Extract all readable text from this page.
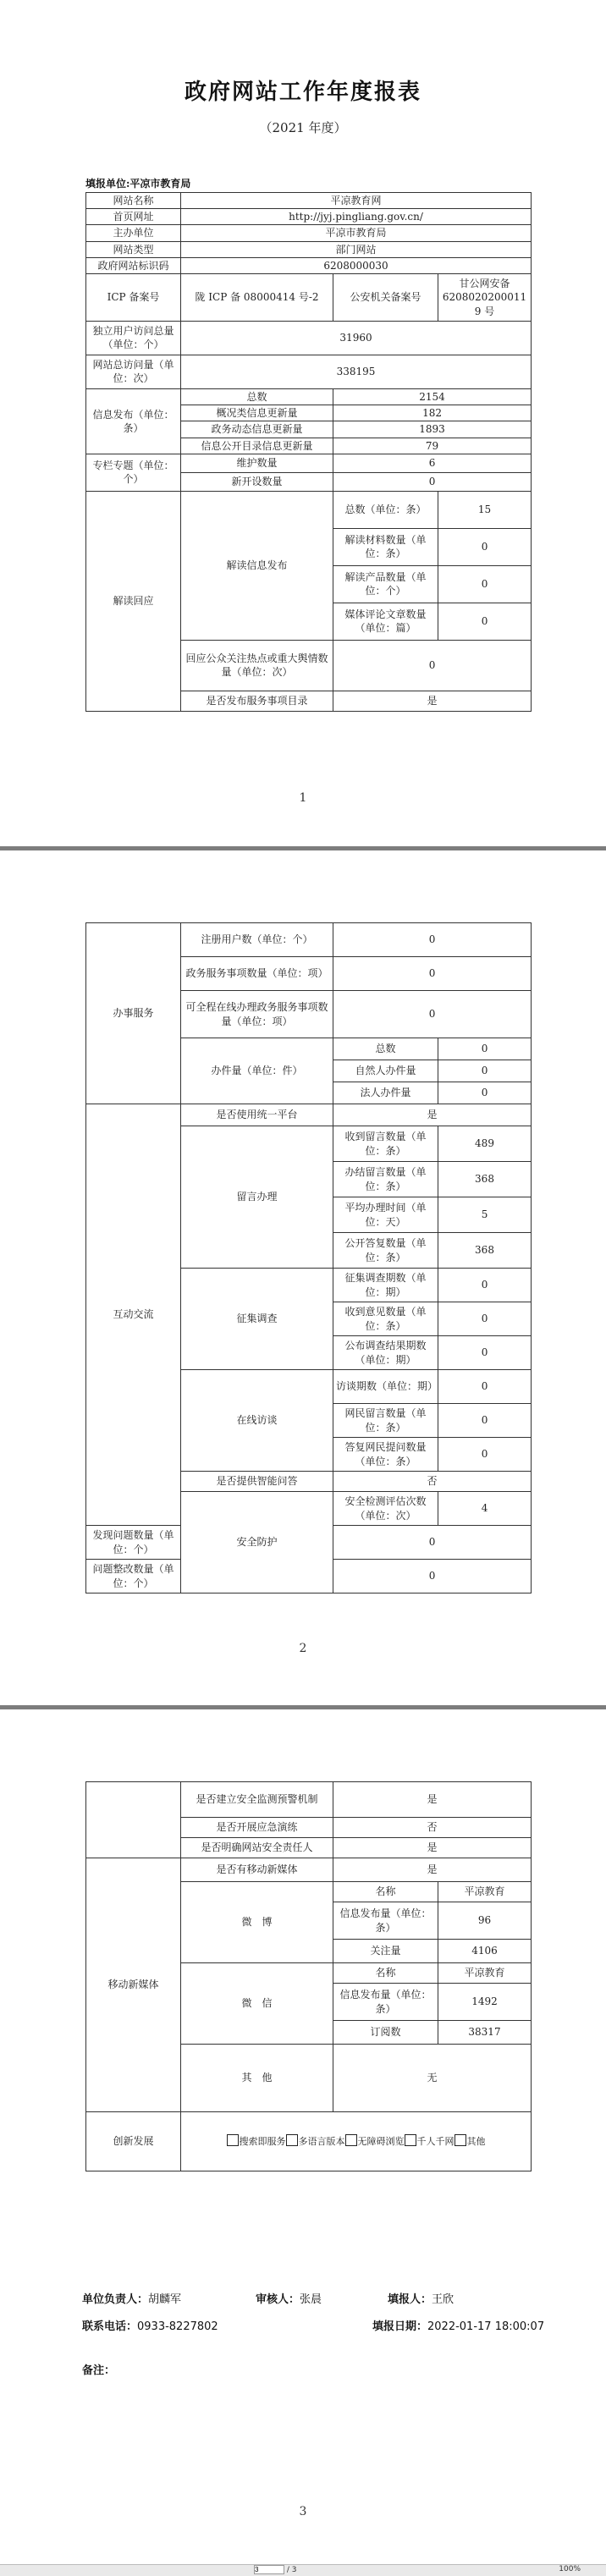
政府网站工作年度报表
（2021 年度）
填报单位:平凉市教育局
网站名称	平凉教育网		
首页网址	http://jyj.pingliang.gov.cn/		
主办单位	平凉市教育局		
网站类型	部门网站		
政府网站标识码	6208000030		
ICP 备案号	陇 ICP 备 08000414 号-2	公安机关备案号	甘公网安备 62080202000119 号
独立用户访问总量（单位：个）	31960		
网站总访问量（单位：次）	338195		
信息发布（单位：条）	总数	2154	
	概况类信息更新量	182	
	政务动态信息更新量	1893	
	信息公开目录信息更新量	79	
专栏专题（单位：个）	维护数量	6	
	新开设数量	0	
解读回应	解读信息发布	总数（单位：条）	15
		解读材料数量（单位：条）	0
		解读产品数量（单位：个）	0
		媒体评论文章数量（单位：篇）	0
	回应公众关注热点或重大舆情数量（单位：次）	0	
	是否发布服务事项目录	是	
1
办事服务	注册用户数（单位：个）	0	
	政务服务事项数量（单位：项）	0	
	可全程在线办理政务服务事项数量（单位：项）	0	
	办件量（单位：件）	总数	0
		自然人办件量	0
		法人办件量	0
互动交流	是否使用统一平台	是	
	留言办理	收到留言数量（单位：条）	489
		办结留言数量（单位：条）	368
		平均办理时间（单位：天）	5
		公开答复数量（单位：条）	368
	征集调查	征集调查期数（单位：期）	0
		收到意见数量（单位：条）	0
		公布调查结果期数（单位：期）	0
	在线访谈	访谈期数（单位：期）	0
		网民留言数量（单位：条）	0
		答复网民提问数量（单位：条）	0
	是否提供智能问答	否	
	安全防护	安全检测评估次数（单位：次）	4
发现问题数量（单位：个）		0	
问题整改数量（单位：个）		0	
2
	是否建立安全监测预警机制	是	
	是否开展应急演练	否	
	是否明确网站安全责任人	是	
移动新媒体	是否有移动新媒体	是	
	微　博	名称	平凉教育
		信息发布量（单位：条）	96
		关注量	4106
	微　信	名称	平凉教育
		信息发布量（单位：条）	1492
		订阅数	38317
	其　他	无	
创新发展	搜索即服务 多语言版本 无障碍浏览 千人千网 其他		
单位负责人：胡麟军	审核人：张晨	填报人：王欣
联系电话：0933-8227802	填报日期：2022-01-17 18:00:07
备注：
3
3 / 3	100%
